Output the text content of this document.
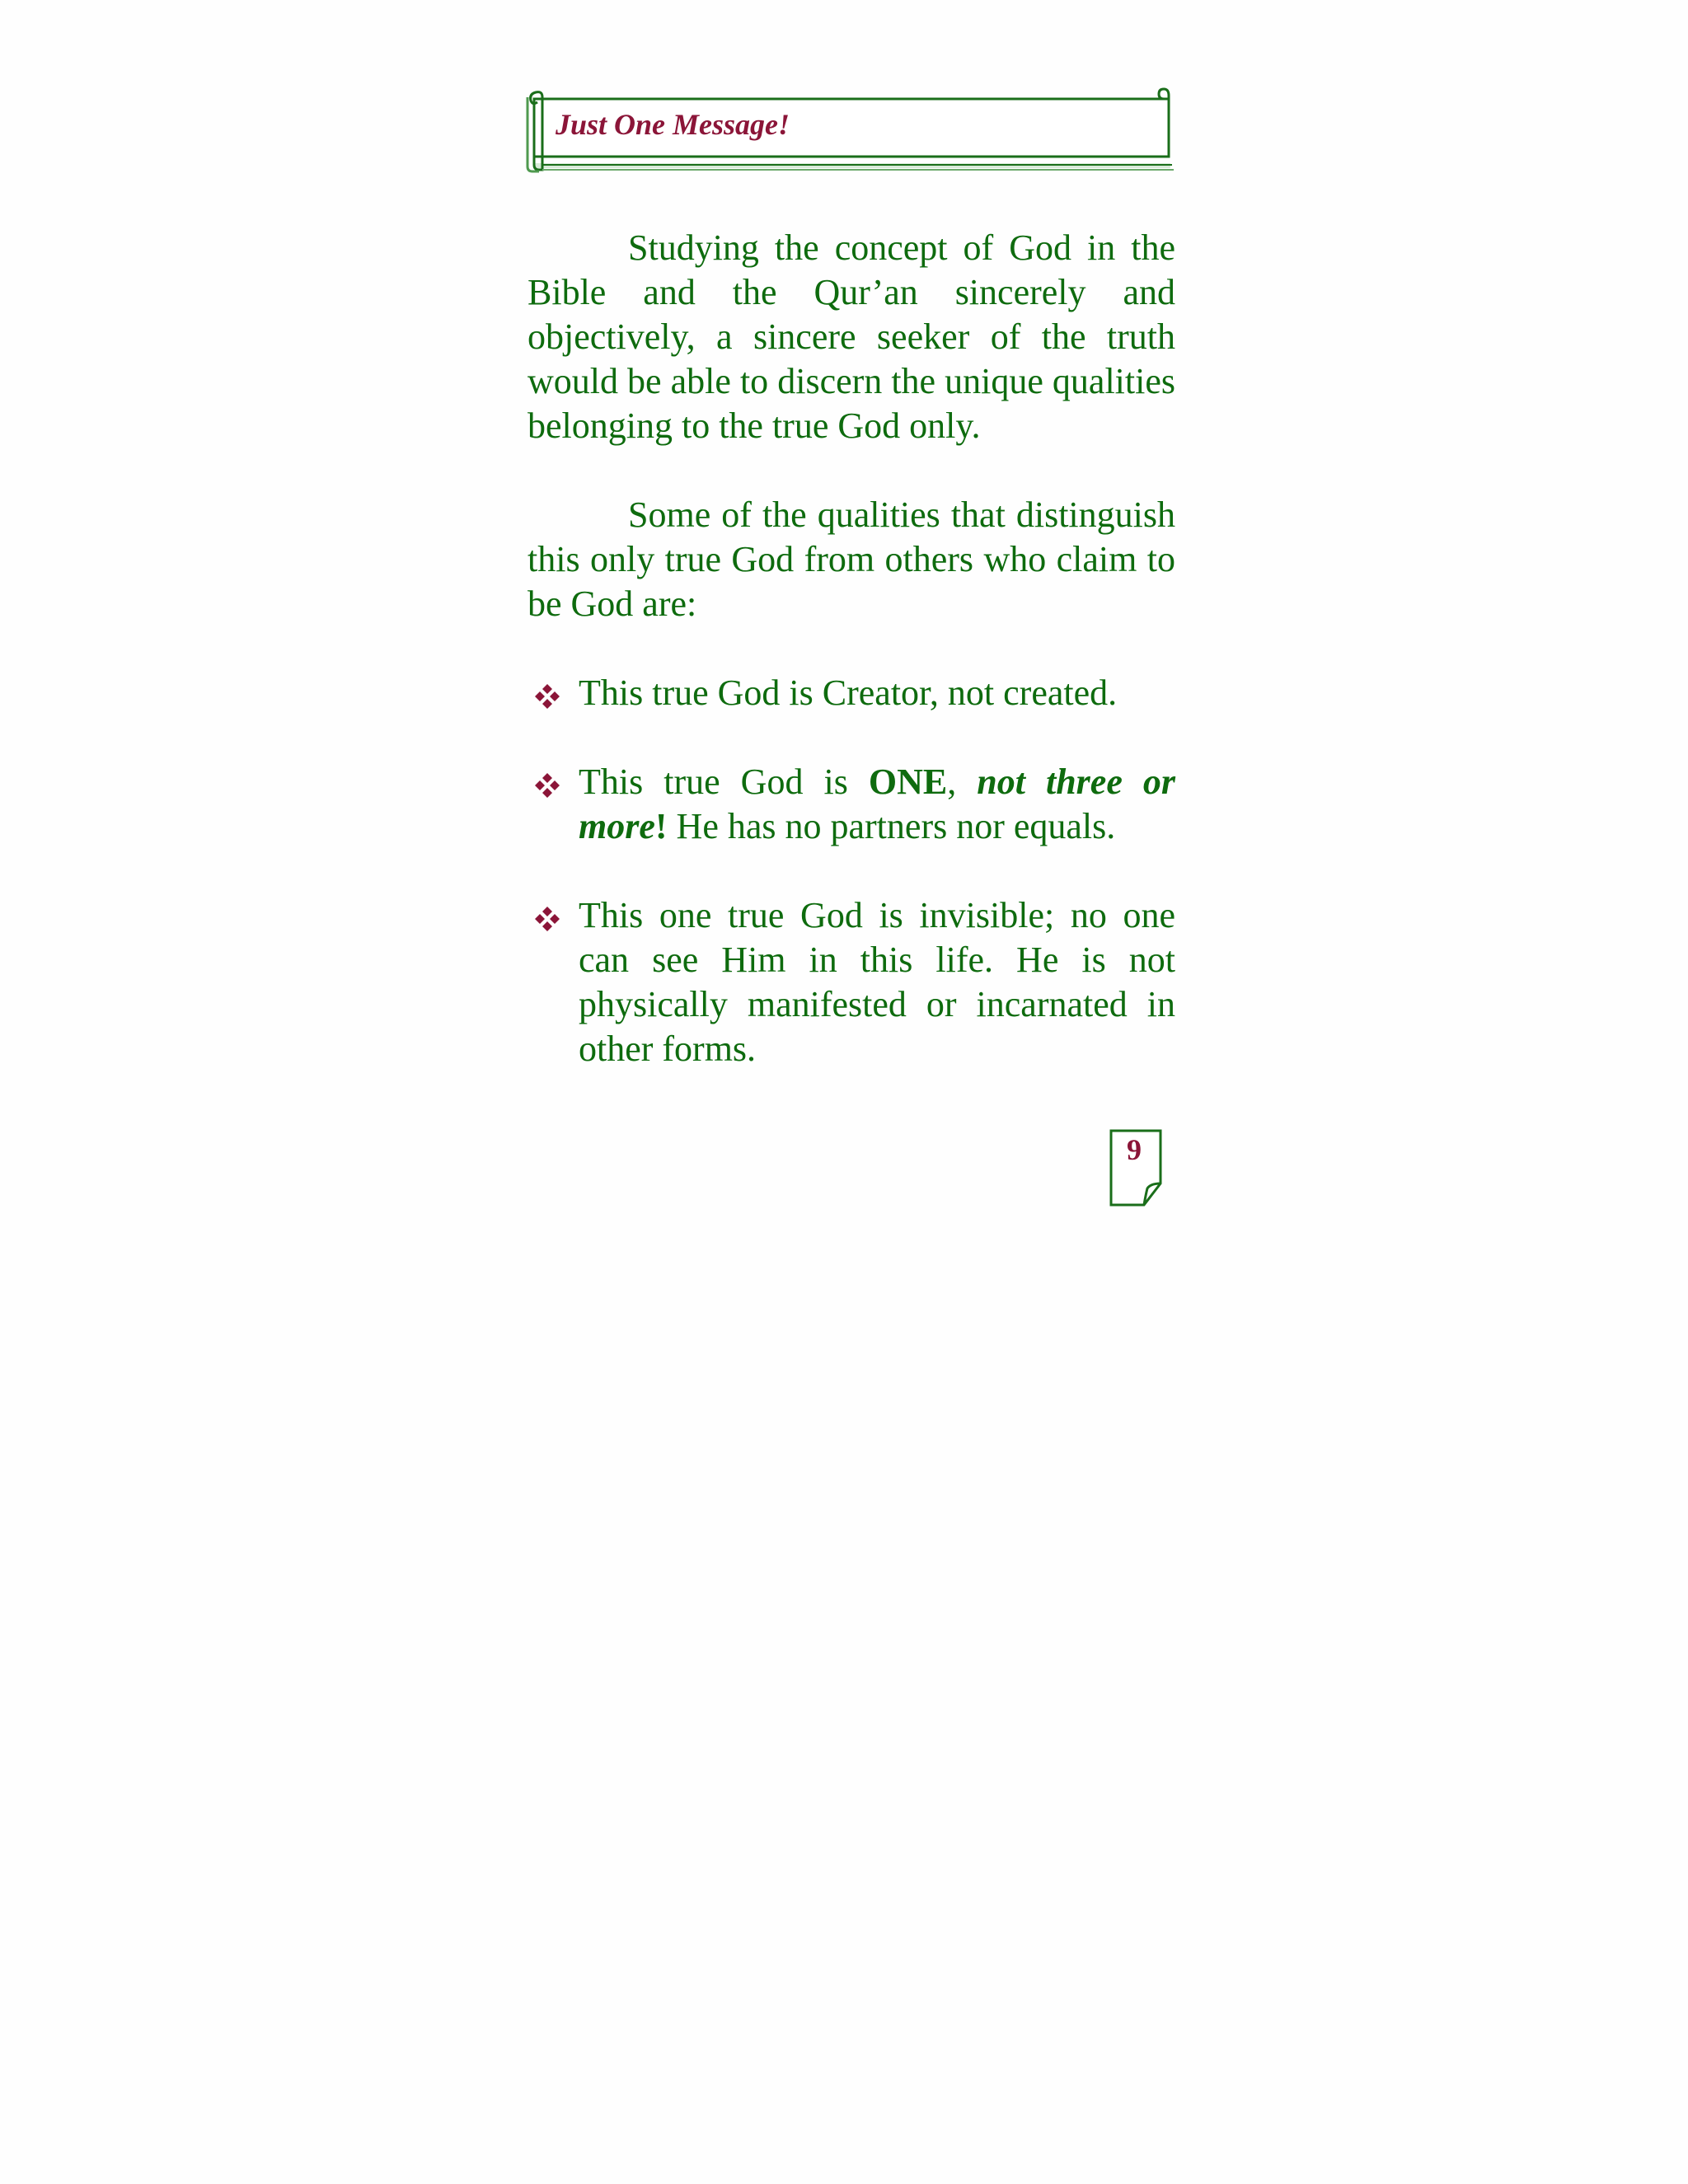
Just One Message!

Studying the concept of God in the Bible and the Qur’an sincerely and objectively, a sincere seeker of the truth would be able to discern the unique qualities belonging to the true God only.

Some of the qualities that distinguish this only true God from others who claim to be God are:

This true God is Creator, not created.
This true God is ONE, not three or more! He has no partners nor equals.
This one true God is invisible; no one can see Him in this life. He is not physically manifested or incarnated in other forms.
9
